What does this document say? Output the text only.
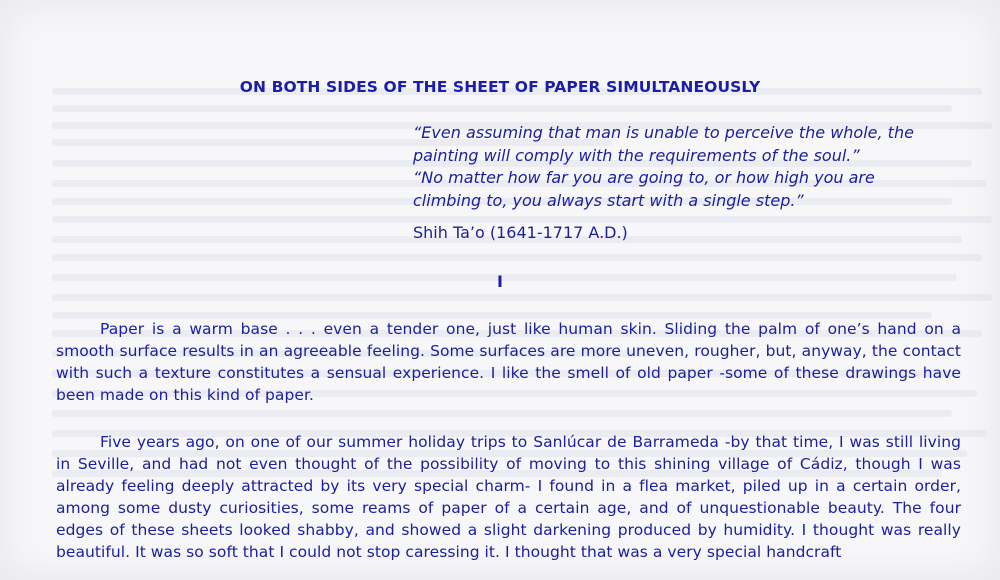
ON BOTH SIDES OF THE SHEET OF PAPER SIMULTANEOUSLY

“Even assuming that man is unable to perceive the whole, the painting will comply with the requirements of the soul.”

“No matter how far you are going to, or how high you are climbing to, you always start with a single step.”

Shih Ta’o (1641-1717 A.D.)
I

Paper is a warm base . . . even a tender one, just like human skin. Sliding the palm of one’s hand on a smooth surface results in an agreeable feeling. Some surfaces are more uneven, rougher, but, anyway, the contact with such a texture constitutes a sensual experience. I like the smell of old paper -some of these drawings have been made on this kind of paper.

Five years ago, on one of our summer holiday trips to Sanlúcar de Barrameda -by that time, I was still living in Seville, and had not even thought of the possibility of moving to this shining village of Cádiz, though I was already feeling deeply attracted by its very special charm- I found in a flea market, piled up in a certain order, among some dusty curiosities, some reams of paper of a certain age, and of unquestionable beauty. The four edges of these sheets looked shabby, and showed a slight darkening produced by humidity. I thought was really beautiful. It was so soft that I could not stop caressing it. I thought that was a very special handcraft
